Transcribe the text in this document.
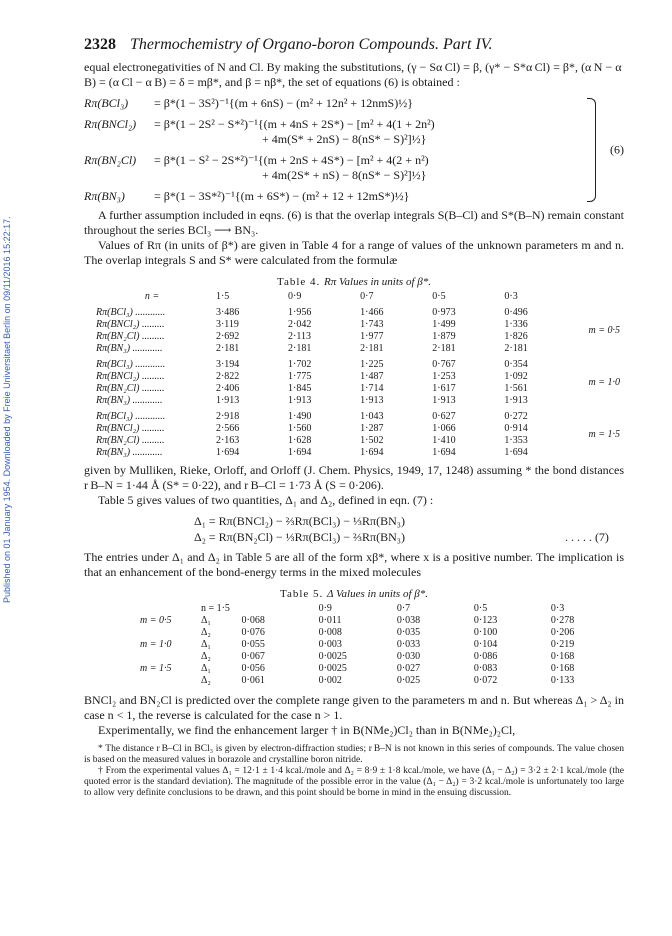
Published on 01 January 1954. Downloaded by Freie Universitaet Berlin on 09/11/2016 15:22:17.
2328 Thermochemistry of Organo-boron Compounds. Part IV.

equal electronegativities of N and Cl. By making the substitutions, (γ − Sα Cl) = β, (γ* − S*α Cl) = β*, (α N − α B) = (α Cl − α B) = δ = mβ*, and β = nβ*, the set of equations (6) is obtained :

Rπ(BCl₃) = β*(1 − 3S²)⁻¹{(m + 6nS) − (m² + 12n² + 12nmS)½}
Rπ(BNCl₂) = β*(1 − 2S² − S*²)⁻¹{(m + 4nS + 2S*) − [m² + 4(1 + 2n²)
+ 4m(S* + 2nS) − 8(nS* − S)²]½}
Rπ(BN₂Cl) = β*(1 − S² − 2S*²)⁻¹{(m + 2nS + 4S*) − [m² + 4(2 + n²)
+ 4m(2S* + nS) − 8(nS* − S)²]½}
Rπ(BN₃) = β*(1 − 3S*²)⁻¹{(m + 6S*) − (m² + 12 + 12mS*)½}
(6)

A further assumption included in eqns. (6) is that the overlap integrals S(B–Cl) and S*(B–N) remain constant throughout the series BCl₃ ⟶ BN₃.

Values of Rπ (in units of β*) are given in Table 4 for a range of values of the unknown parameters m and n. The overlap integrals S and S* were calculated from the formulæ

Table 4. Rπ Values in units of β*.
n =	1·5	0·9	0·7	0·5	0·3	
Rπ(BCl₃) ............	3·486	1·956	1·466	0·973	0·496	m = 0·5
Rπ(BNCl₂) .........	3·119	2·042	1·743	1·499	1·336	
Rπ(BN₂Cl) .........	2·692	2·113	1·977	1·879	1·826	
Rπ(BN₃) ............	2·181	2·181	2·181	2·181	2·181	
Rπ(BCl₃) ............	3·194	1·702	1·225	0·767	0·354	m = 1·0
Rπ(BNCl₂) .........	2·822	1·775	1·487	1·253	1·092	
Rπ(BN₂Cl) .........	2·406	1·845	1·714	1·617	1·561	
Rπ(BN₃) ............	1·913	1·913	1·913	1·913	1·913	
Rπ(BCl₃) ............	2·918	1·490	1·043	0·627	0·272	m = 1·5
Rπ(BNCl₂) .........	2·566	1·560	1·287	1·066	0·914	
Rπ(BN₂Cl) .........	2·163	1·628	1·502	1·410	1·353	
Rπ(BN₃) ............	1·694	1·694	1·694	1·694	1·694	

given by Mulliken, Rieke, Orloff, and Orloff (J. Chem. Physics, 1949, 17, 1248) assuming * the bond distances r B–N = 1·44 Å (S* = 0·22), and r B–Cl = 1·73 Å (S = 0·206).

Table 5 gives values of two quantities, Δ₁ and Δ₂, defined in eqn. (7) :

Δ₁ = Rπ(BNCl₂) − ⅔Rπ(BCl₃) − ⅓Rπ(BN₃)
Δ₂ = Rπ(BN₂Cl) − ⅓Rπ(BCl₃) − ⅔Rπ(BN₃)	. . . . . (7)

The entries under Δ₁ and Δ₂ in Table 5 are all of the form xβ*, where x is a positive number. The implication is that an enhancement of the bond-energy terms in the mixed molecules

Table 5. Δ Values in units of β*.
	n = 1·5		0·9	0·7	0·5	0·3
m = 0·5	Δ₁	0·068	0·011	0·038	0·123	0·278
	Δ₂	0·076	0·008	0·035	0·100	0·206
m = 1·0	Δ₁	0·055	0·003	0·033	0·104	0·219
	Δ₂	0·067	0·0025	0·030	0·086	0·168
m = 1·5	Δ₁	0·056	0·0025	0·027	0·083	0·168
	Δ₂	0·061	0·002	0·025	0·072	0·133

BNCl₂ and BN₂Cl is predicted over the complete range given to the parameters m and n. But whereas Δ₁ > Δ₂ in case n < 1, the reverse is calculated for the case n > 1.

Experimentally, we find the enhancement larger † in B(NMe₂)Cl₂ than in B(NMe₂)₂Cl,

* The distance r B–Cl in BCl₃ is given by electron-diffraction studies; r B–N is not known in this series of compounds. The value chosen is based on the measured values in borazole and crystalline boron nitride.

† From the experimental values Δ₁ = 12·1 ± 1·4 kcal./mole and Δ₂ = 8·9 ± 1·8 kcal./mole, we have (Δ₁ − Δ₂) = 3·2 ± 2·1 kcal./mole (the quoted error is the standard deviation). The magnitude of the possible error in the value (Δ₁ − Δ₂) = 3·2 kcal./mole is unfortunately too large to allow very definite conclusions to be drawn, and this point should be borne in mind in the ensuing discussion.
